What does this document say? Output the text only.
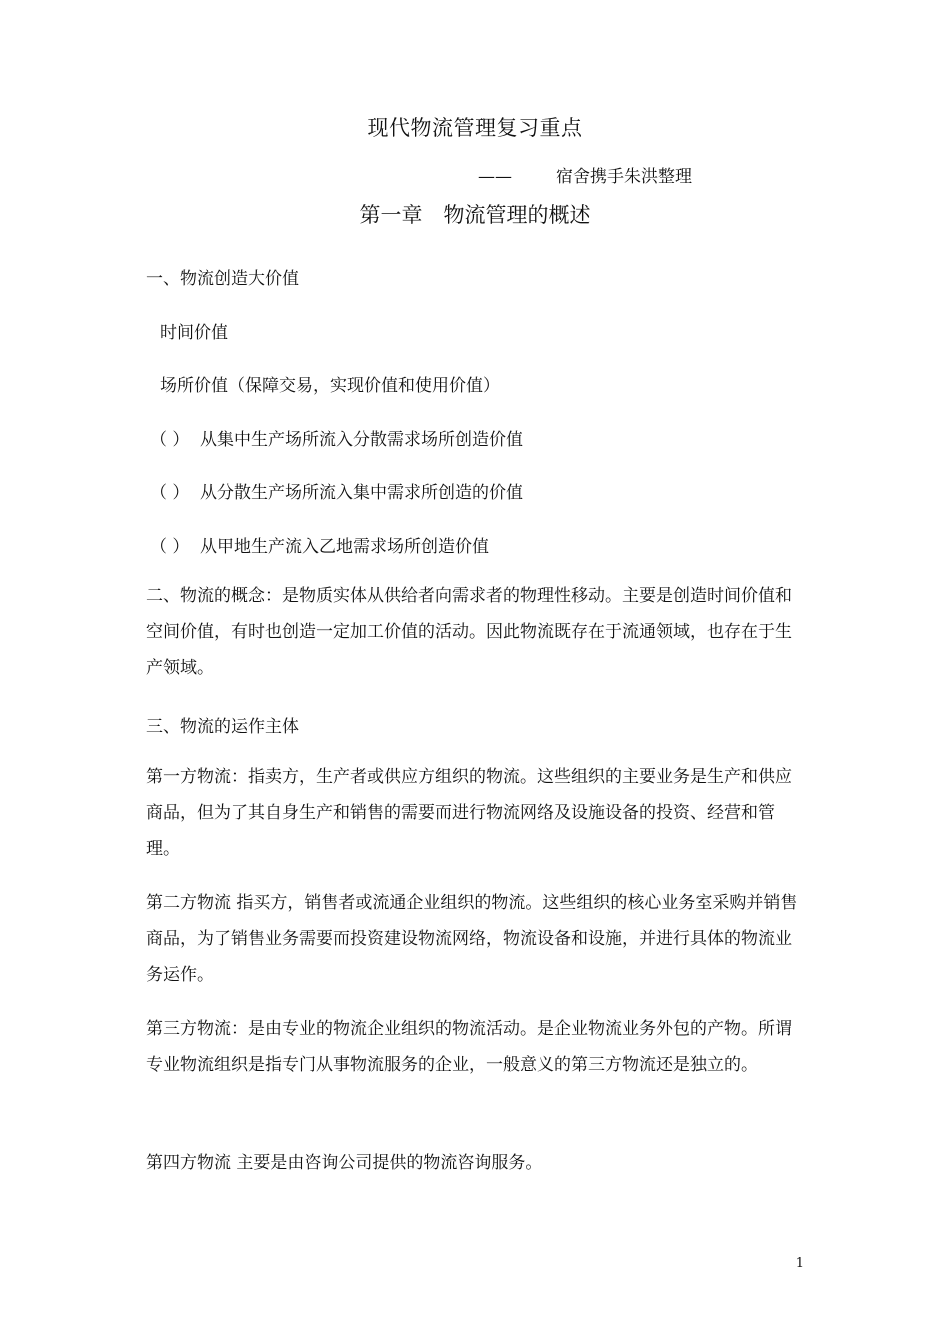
现代物流管理复习重点
——	宿舍携手朱洪整理
第一章　物流管理的概述
一、物流创造大价值
时间价值
场所价值（保障交易，实现价值和使用价值）
（ ） 从集中生产场所流入分散需求场所创造价值
（ ） 从分散生产场所流入集中需求所创造的价值
（ ） 从甲地生产流入乙地需求场所创造价值
二、物流的概念：是物质实体从供给者向需求者的物理性移动。主要是创造时间价值和空间价值，有时也创造一定加工价值的活动。因此物流既存在于流通领域，也存在于生产领域。
三、物流的运作主体
第一方物流：指卖方，生产者或供应方组织的物流。这些组织的主要业务是生产和供应商品，但为了其自身生产和销售的需要而进行物流网络及设施设备的投资、经营和管理。
第二方物流 指买方，销售者或流通企业组织的物流。这些组织的核心业务室采购并销售商品，为了销售业务需要而投资建设物流网络，物流设备和设施，并进行具体的物流业务运作。
第三方物流：是由专业的物流企业组织的物流活动。是企业物流业务外包的产物。所谓专业物流组织是指专门从事物流服务的企业，一般意义的第三方物流还是独立的。
第四方物流 主要是由咨询公司提供的物流咨询服务。
1
